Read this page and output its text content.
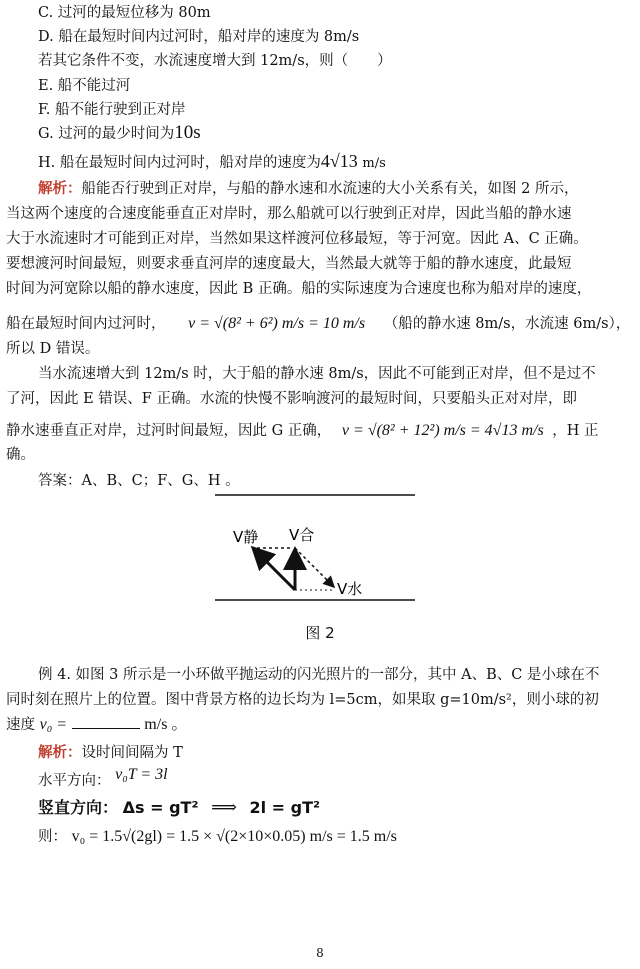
C. 过河的最短位移为 80m
D. 船在最短时间内过河时，船对岸的速度为 8m/s
若其它条件不变，水流速度增大到 12m/s，则（　　）
E. 船不能过河
F. 船不能行驶到正对岸
G. 过河的最少时间为10s
H. 船在最短时间内过河时，船对岸的速度为4√13 m/s
解析：船能否行驶到正对岸，与船的静水速和水流速的大小关系有关，如图 2 所示，
当这两个速度的合速度能垂直正对岸时，那么船就可以行驶到正对岸，因此当船的静水速
大于水流速时才可能到正对岸，当然如果这样渡河位移最短，等于河宽。因此 A、C 正确。
要想渡河时间最短，则要求垂直河岸的速度最大，当然最大就等于船的静水速度，此最短
时间为河宽除以船的静水速度，因此 B 正确。船的实际速度为合速度也称为船对岸的速度，
船在最短时间内过河时， v = √(8² + 6²) m/s = 10 m/s （船的静水速 8m/s，水流速 6m/s），
所以 D 错误。
当水流速增大到 12m/s 时，大于船的静水速 8m/s，因此不可能到正对岸，但不是过不
了河，因此 E 错误、F 正确。水流的快慢不影响渡河的最短时间，只要船头正对对岸，即
静水速垂直正对岸，过河时间最短，因此 G 正确， v = √(8² + 12²) m/s = 4√13 m/s ，H 正
确。
答案：A、B、C；F、G、H 。
V静 V合
V水
图 2
例 4. 如图 3 所示是一小环做平抛运动的闪光照片的一部分，其中 A、B、C 是小球在不
同时刻在照片上的位置。图中背景方格的边长均为 l=5cm，如果取 g=10m/s²，则小球的初
速度 v₀ =	m/s 。
解析：设时间间隔为 T
水平方向： v₀T = 3l
竖直方向： Δs = gT² ⟹ 2l = gT²
则： v₀ = 1.5√(2gl) = 1.5 × √(2×10×0.05) m/s = 1.5 m/s
8
